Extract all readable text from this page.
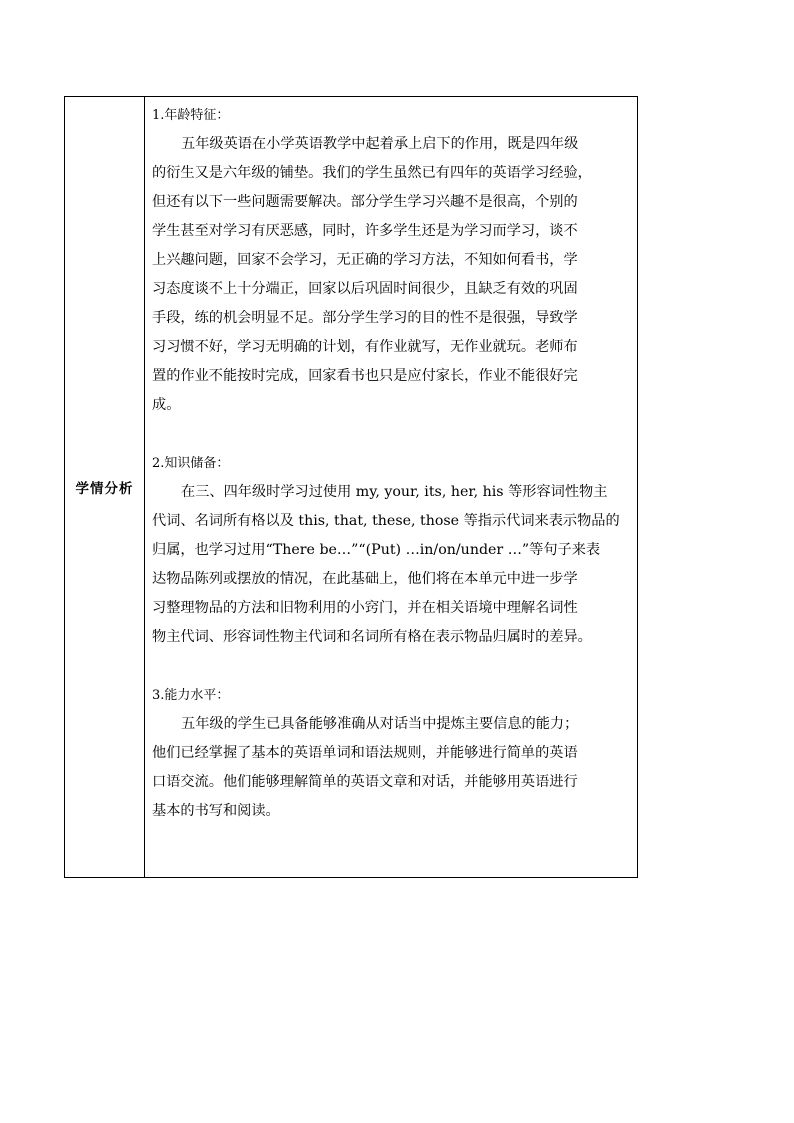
学情分析	
1.年龄特征：
五年级英语在小学英语教学中起着承上启下的作用，既是四年级
的衍生又是六年级的铺垫。我们的学生虽然已有四年的英语学习经验，
但还有以下一些问题需要解决。部分学生学习兴趣不是很高，个别的
学生甚至对学习有厌恶感，同时，许多学生还是为学习而学习，谈不
上兴趣问题，回家不会学习，无正确的学习方法，不知如何看书，学
习态度谈不上十分端正，回家以后巩固时间很少，且缺乏有效的巩固
手段，练的机会明显不足。部分学生学习的目的性不是很强，导致学
习习惯不好，学习无明确的计划，有作业就写，无作业就玩。老师布
置的作业不能按时完成，回家看书也只是应付家长，作业不能很好完
成。
2.知识储备：
在三、四年级时学习过使用 my, your, its, her, his 等形容词性物主
代词、名词所有格以及 this, that, these, those 等指示代词来表示物品的
归属，也学习过用“There be…”“(Put) …in/on/under …”等句子来表
达物品陈列或摆放的情况，在此基础上，他们将在本单元中进一步学
习整理物品的方法和旧物利用的小窍门，并在相关语境中理解名词性
物主代词、形容词性物主代词和名词所有格在表示物品归属时的差异。
3.能力水平：
五年级的学生已具备能够准确从对话当中提炼主要信息的能力；
他们已经掌握了基本的英语单词和语法规则，并能够进行简单的英语
口语交流。他们能够理解简单的英语文章和对话，并能够用英语进行
基本的书写和阅读。
